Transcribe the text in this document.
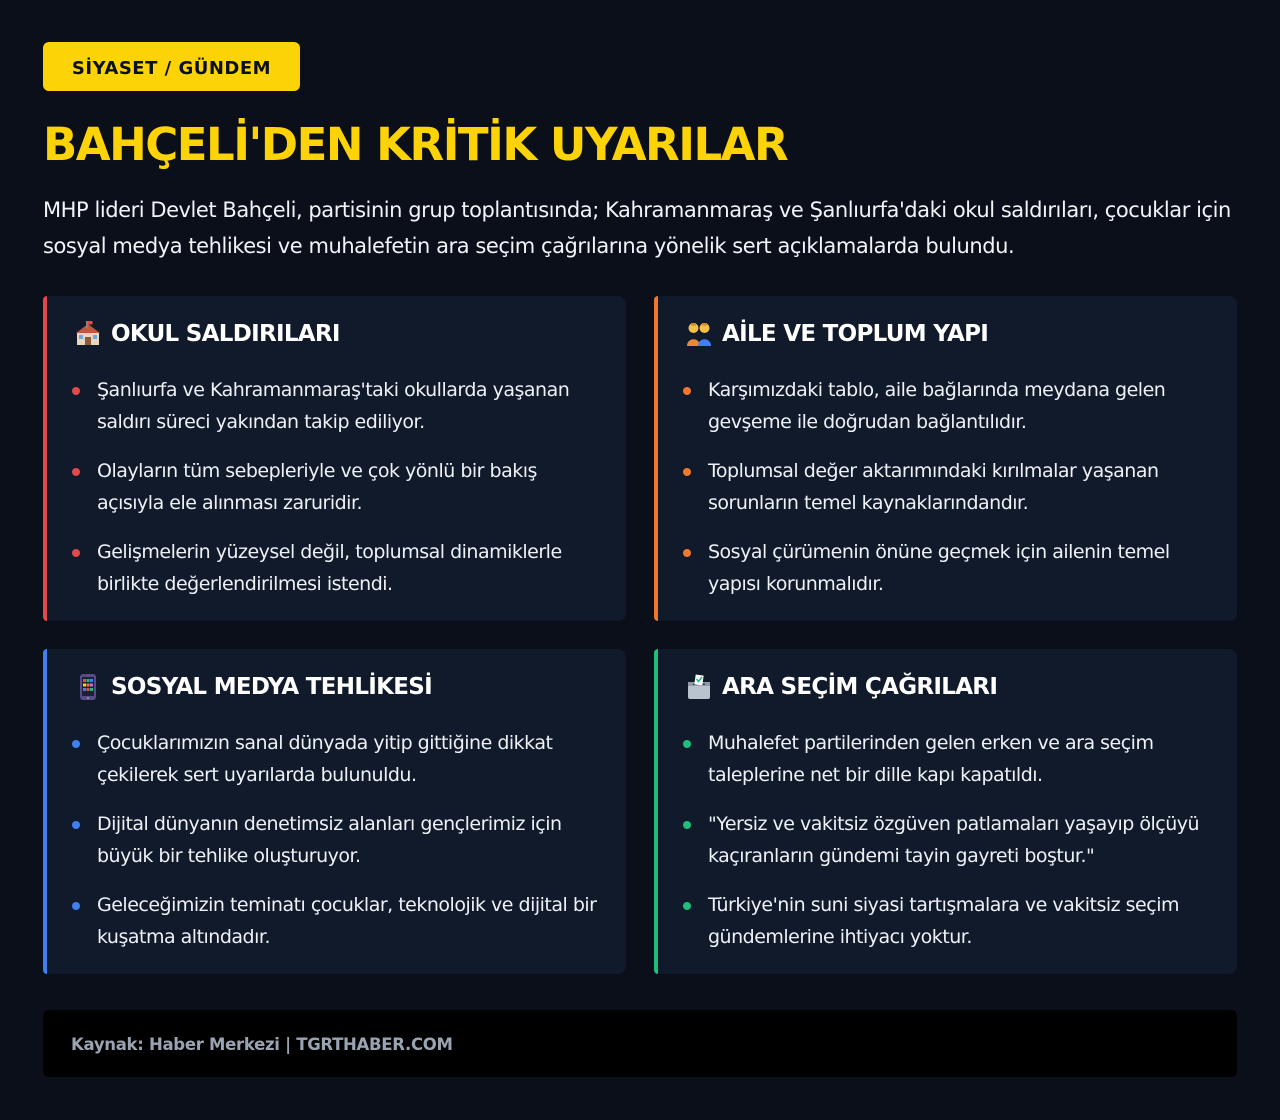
SİYASET / GÜNDEM
BAHÇELİ'DEN KRİTİK UYARILAR

MHP lideri Devlet Bahçeli, partisinin grup toplantısında; Kahramanmaraş ve Şanlıurfa'daki okul saldırıları, çocuklar için sosyal medya tehlikesi ve muhalefetin ara seçim çağrılarına yönelik sert açıklamalarda bulundu.

OKUL SALDIRILARI
Şanlıurfa ve Kahramanmaraş'taki okullarda yaşanan saldırı süreci yakından takip ediliyor.
Olayların tüm sebepleriyle ve çok yönlü bir bakış açısıyla ele alınması zaruridir.
Gelişmelerin yüzeysel değil, toplumsal dinamiklerle birlikte değerlendirilmesi istendi.
AİLE VE TOPLUM YAPI
Karşımızdaki tablo, aile bağlarında meydana gelen gevşeme ile doğrudan bağlantılıdır.
Toplumsal değer aktarımındaki kırılmalar yaşanan sorunların temel kaynaklarındandır.
Sosyal çürümenin önüne geçmek için ailenin temel yapısı korunmalıdır.
SOSYAL MEDYA TEHLİKESİ
Çocuklarımızın sanal dünyada yitip gittiğine dikkat çekilerek sert uyarılarda bulunuldu.
Dijital dünyanın denetimsiz alanları gençlerimiz için büyük bir tehlike oluşturuyor.
Geleceğimizin teminatı çocuklar, teknolojik ve dijital bir kuşatma altındadır.
ARA SEÇİM ÇAĞRILARI
Muhalefet partilerinden gelen erken ve ara seçim taleplerine net bir dille kapı kapatıldı.
"Yersiz ve vakitsiz özgüven patlamaları yaşayıp ölçüyü kaçıranların gündemi tayin gayreti boştur."
Türkiye'nin suni siyasi tartışmalara ve vakitsiz seçim gündemlerine ihtiyacı yoktur.
Kaynak: Haber Merkezi | TGRTHABER.COM
